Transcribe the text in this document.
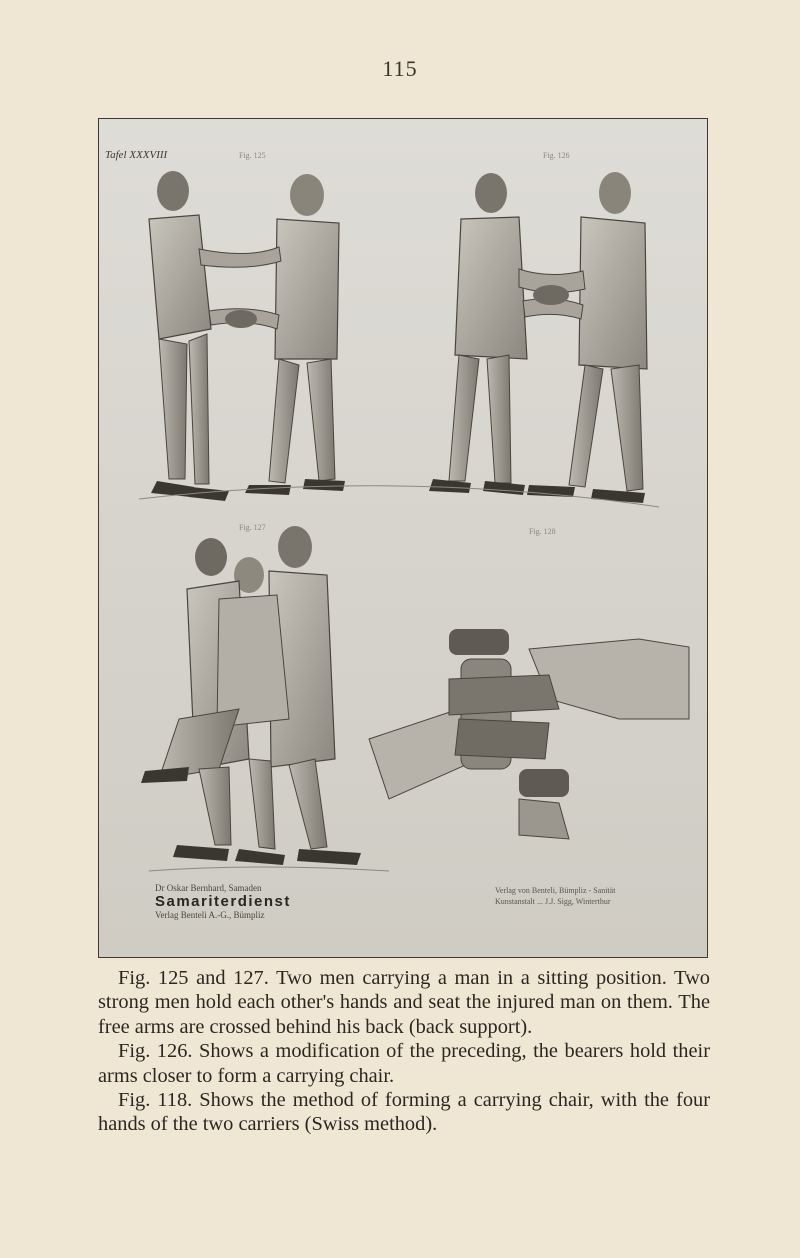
115
Tafel XXXVIII	Fig. 125	Fig. 126
Fig. 127	Fig. 128
Dr Oskar Bernhard, Samaden
Samariterdienst
Verlag Benteli A.-G., Bümpliz
Verlag von Benteli, Bümpliz - Sanität
Kunstanstalt ... J.J. Sigg, Winterthur

Fig. 125 and 127. Two men carrying a man in a sitting position. Two strong men hold each other's hands and seat the injured man on them. The free arms are crossed behind his back (back support).

Fig. 126. Shows a modification of the preceding, the bearers hold their arms closer to form a carrying chair.

Fig. 118. Shows the method of forming a carrying chair, with the four hands of the two carriers (Swiss method).
